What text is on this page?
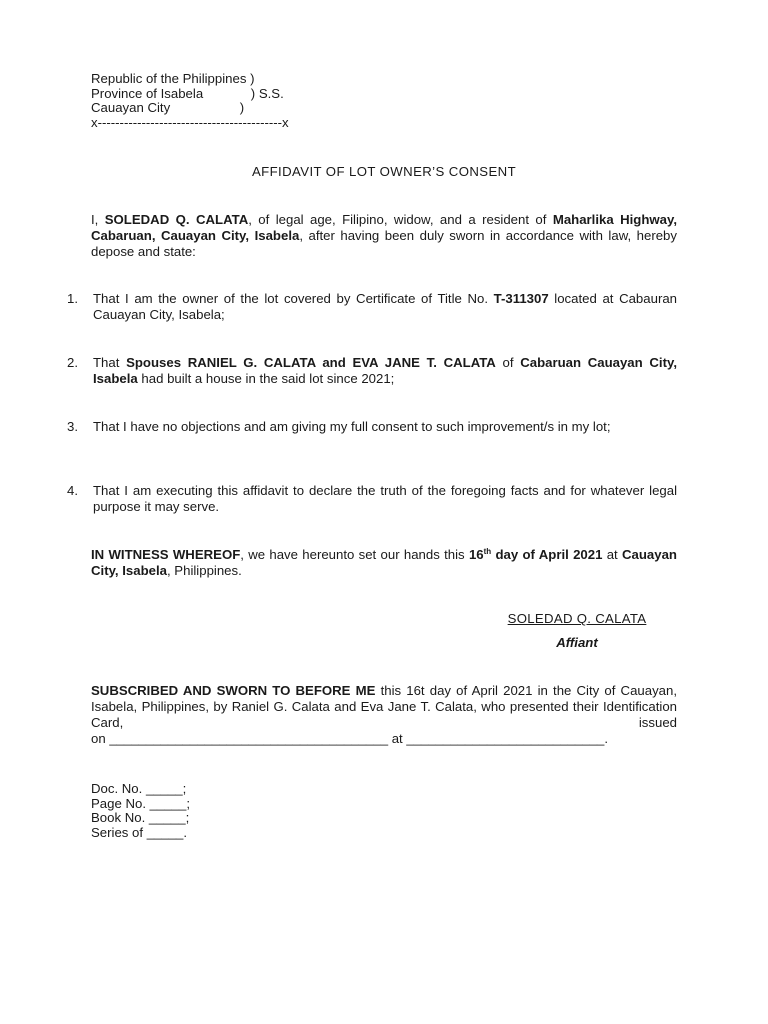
Republic of the Philippines )
Province of Isabela             ) S.S.
Cauayan City                   )
x------------------------------------------x
AFFIDAVIT OF LOT OWNER’S CONSENT
I, SOLEDAD Q. CALATA, of legal age, Filipino, widow, and a resident of Maharlika Highway, Cabaruan, Cauayan City, Isabela, after having been duly sworn in accordance with law, hereby depose and state:
1.	That I am the owner of the lot covered by Certificate of Title No. T-311307 located at Cabauran Cauayan City, Isabela;
2.	That Spouses RANIEL G. CALATA and EVA JANE T. CALATA of Cabaruan Cauayan City, Isabela had built a house in the said lot since 2021;
3.	That I have no objections and am giving my full consent to such improvement/s in my lot;
4.	That I am executing this affidavit to declare the truth of the foregoing facts and for whatever legal purpose it may serve.
IN WITNESS WHEREOF, we have hereunto set our hands this 16th day of April 2021 at Cauayan City, Isabela, Philippines.
SOLEDAD Q. CALATA
Affiant
SUBSCRIBED AND SWORN TO BEFORE ME this 16t day of April 2021 in the City of Cauayan, Isabela, Philippines, by Raniel G. Calata and Eva Jane T. Calata, who presented their Identification Card, issued
on ______________________________________ at ___________________________.
Doc. No. _____;
Page No. _____;
Book No. _____;
Series of _____.
